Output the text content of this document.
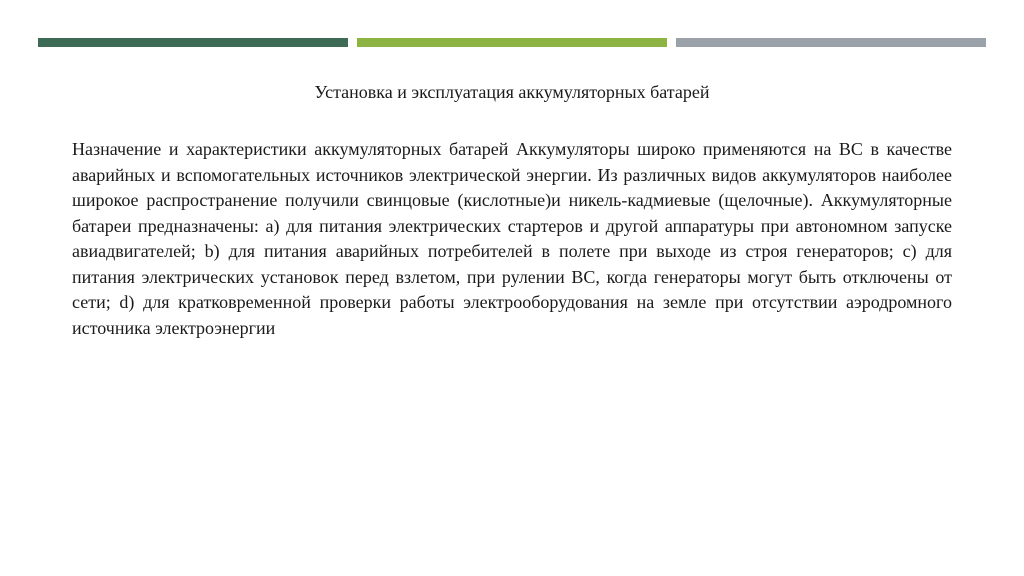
Установка и эксплуатация аккумуляторных батарей

Назначение и характеристики аккумуляторных батарей Аккумуляторы широко применяются на ВС в качестве аварийных и вспомогательных источников электрической энергии. Из различных видов аккумуляторов наиболее широкое распространение получили свинцовые (кислотные)и никель-кадмиевые (щелочные). Аккумуляторные батареи предназначены: a) для питания электрических стартеров и другой аппаратуры при автономном запуске авиадвигателей; b) для питания аварийных потребителей в полете при выходе из строя генераторов; c) для питания электрических установок перед взлетом, при рулении ВС, когда генераторы могут быть отключены от сети; d) для кратковременной проверки работы электрооборудования на земле при отсутствии аэродромного источника электроэнергии
